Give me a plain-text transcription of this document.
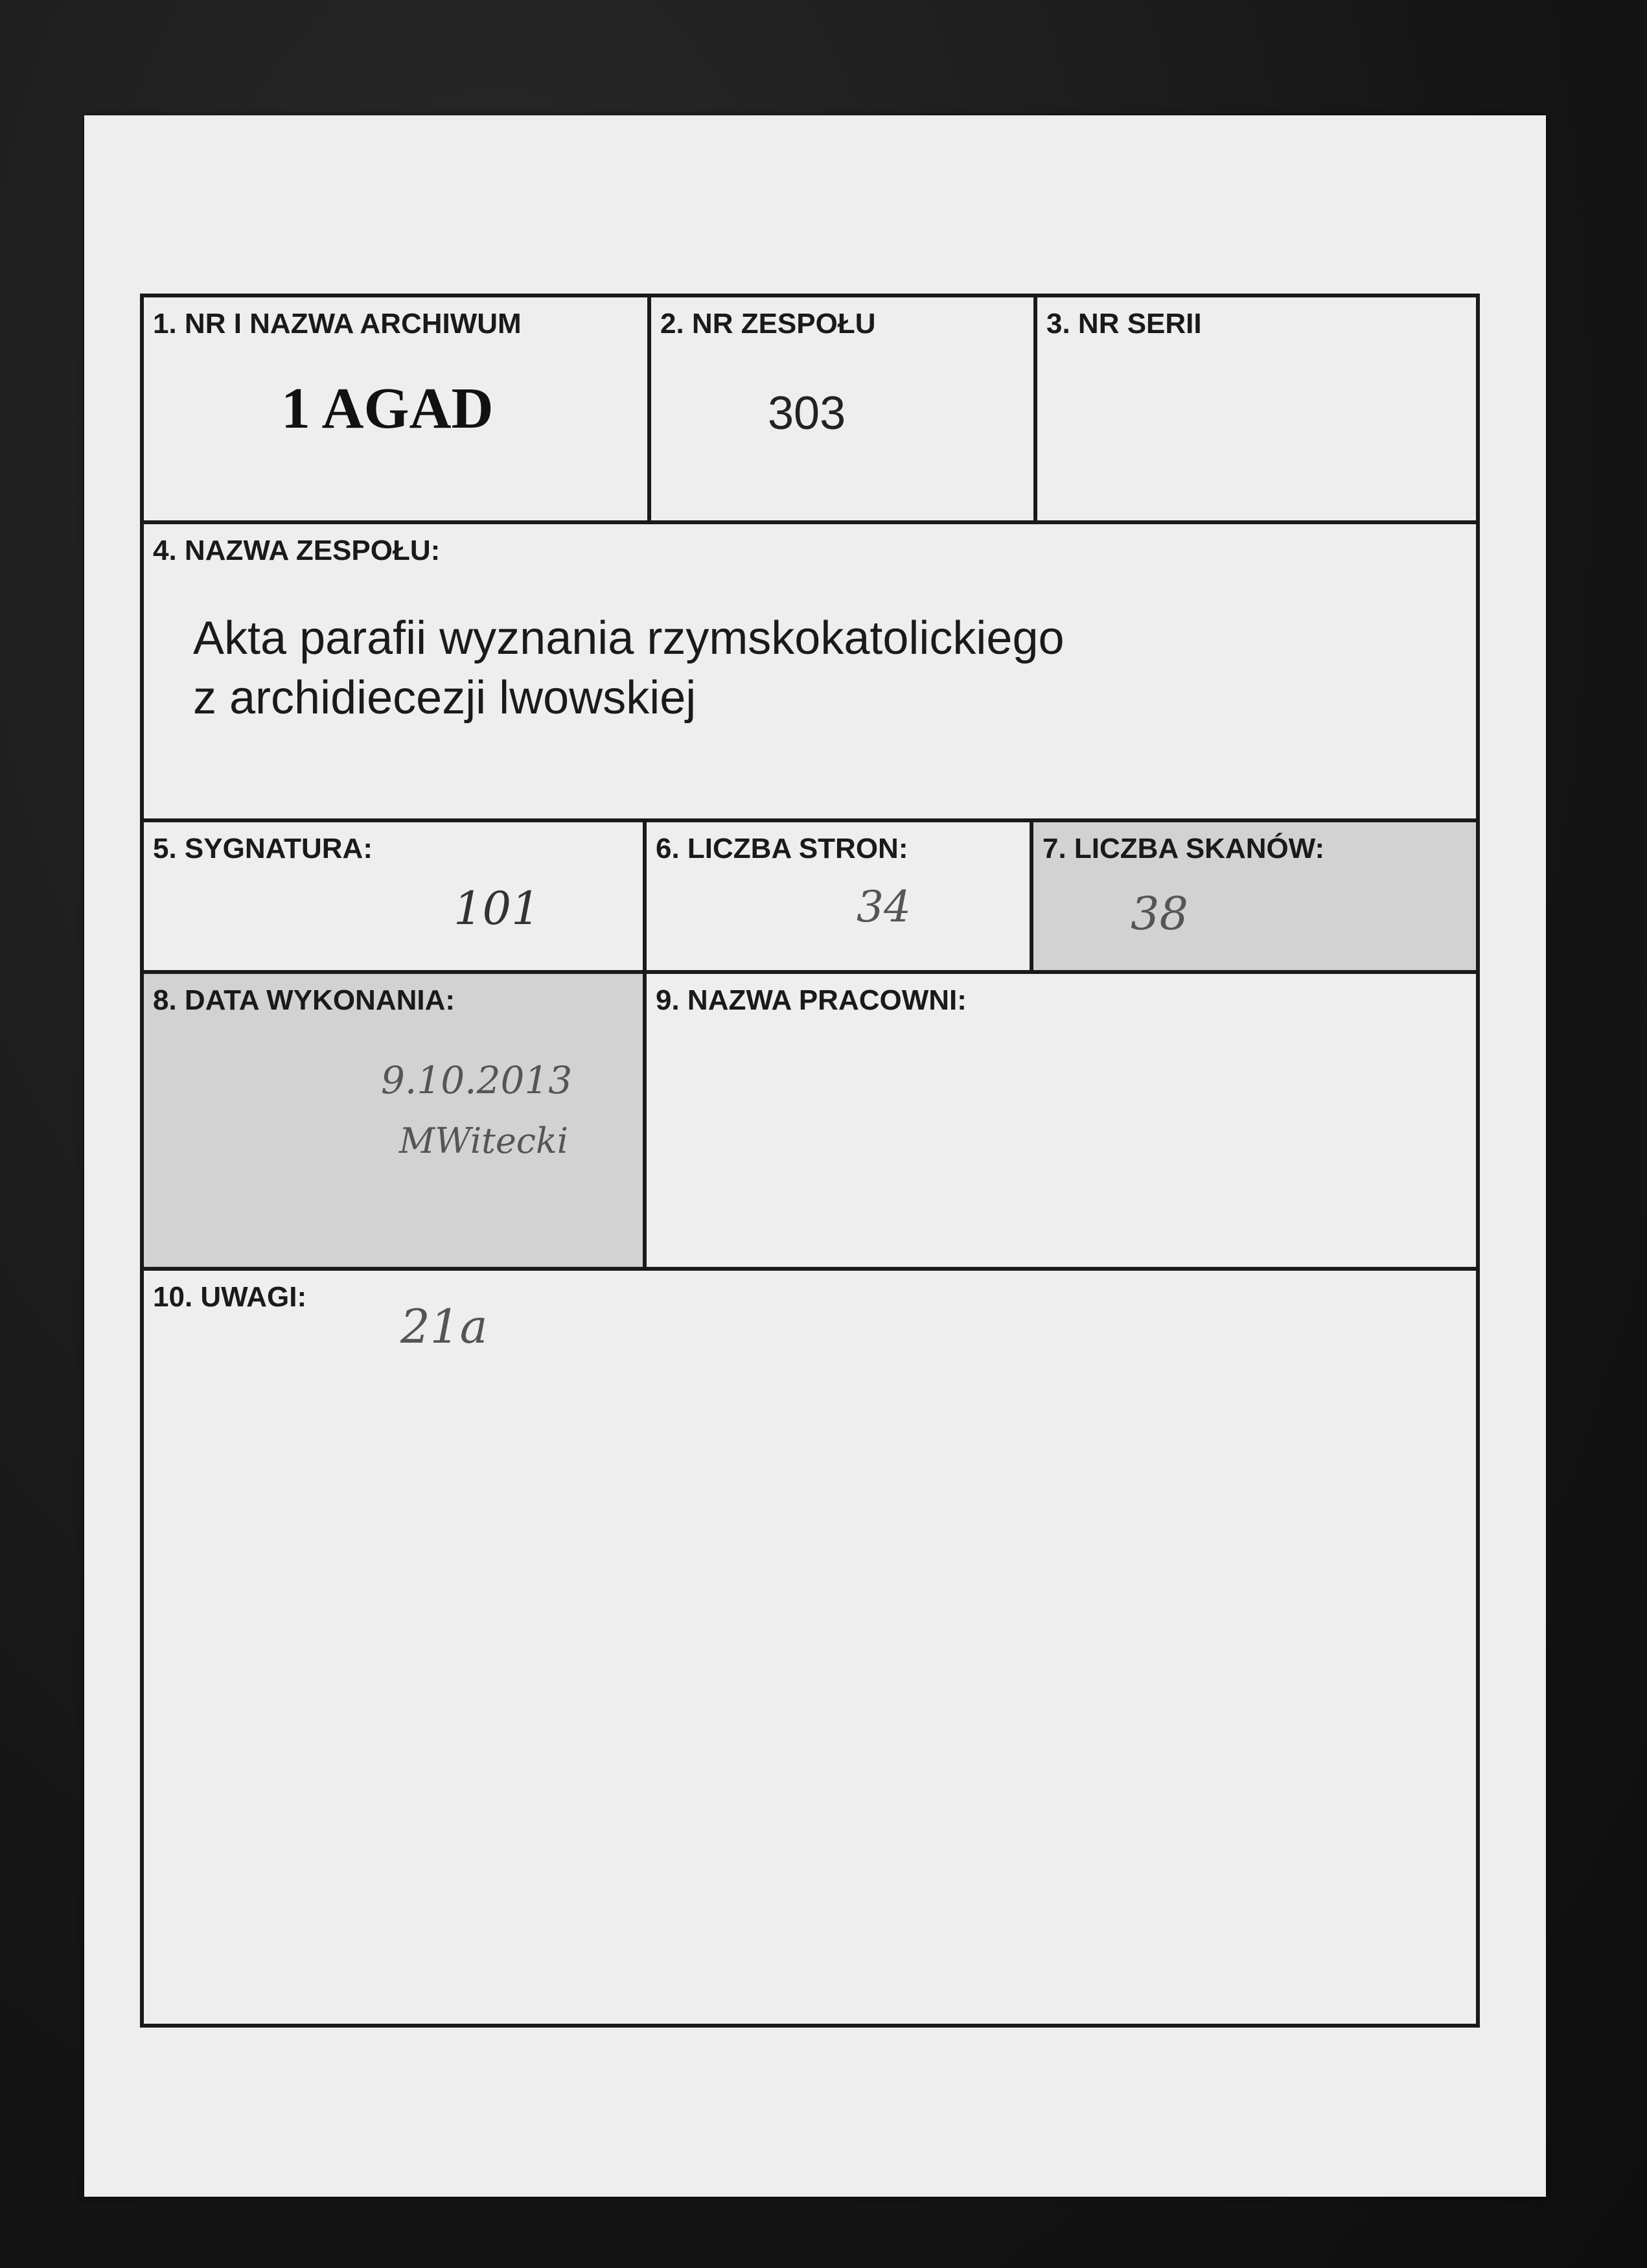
1. NR I NAZWA ARCHIWUM
1 AGAD
2. NR ZESPOŁU
303
3. NR SERII
4. NAZWA ZESPOŁU:
Akta parafii wyznania rzymskokatolickiego
z archidiecezji lwowskiej
5. SYGNATURA:
101
6. LICZBA STRON:
34
7. LICZBA SKANÓW:
38
8. DATA WYKONANIA:
9.10.2013
MWitecki
9. NAZWA PRACOWNI:
10. UWAGI:
21a
